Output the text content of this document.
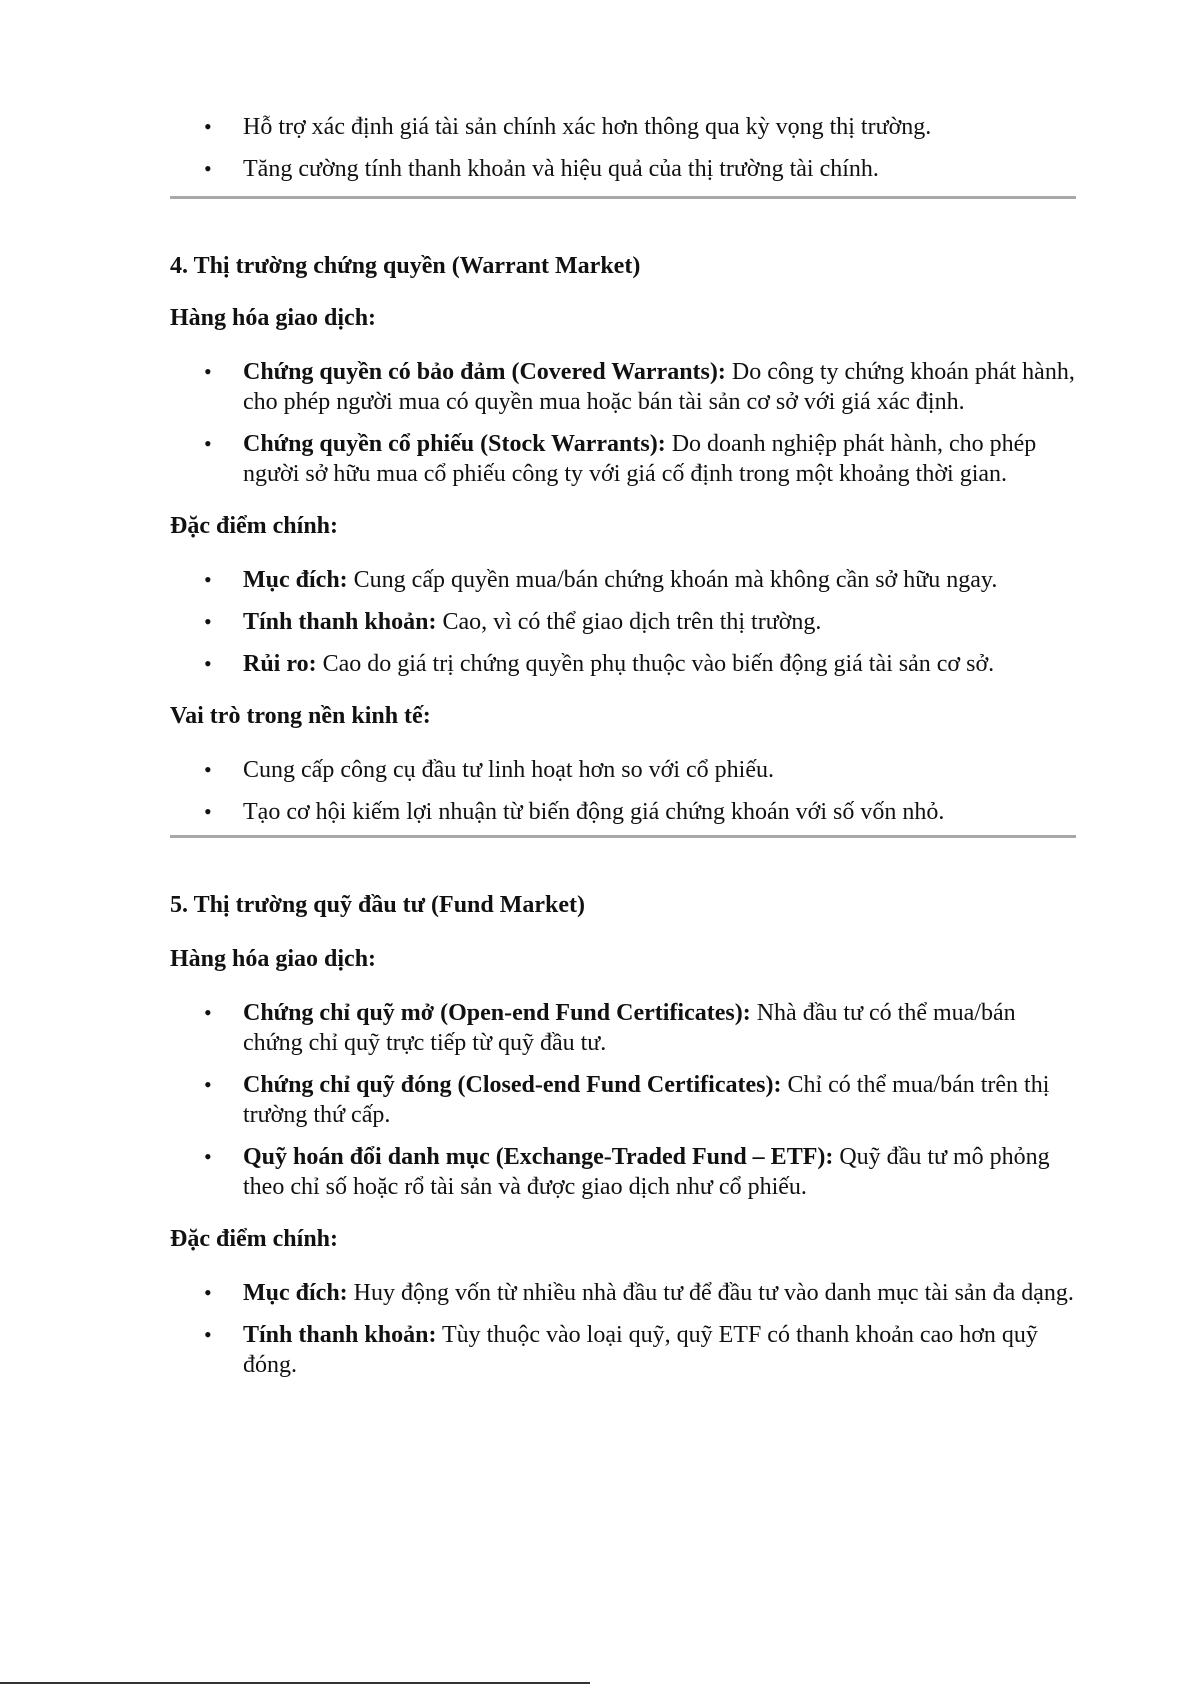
• Hỗ trợ xác định giá tài sản chính xác hơn thông qua kỳ vọng thị trường.
• Tăng cường tính thanh khoản và hiệu quả của thị trường tài chính.
4. Thị trường chứng quyền (Warrant Market)
Hàng hóa giao dịch:
• Chứng quyền có bảo đảm (Covered Warrants): Do công ty chứng khoán phát hành, cho phép người mua có quyền mua hoặc bán tài sản cơ sở với giá xác định.
• Chứng quyền cổ phiếu (Stock Warrants): Do doanh nghiệp phát hành, cho phép người sở hữu mua cổ phiếu công ty với giá cố định trong một khoảng thời gian.
Đặc điểm chính:
• Mục đích: Cung cấp quyền mua/bán chứng khoán mà không cần sở hữu ngay.
• Tính thanh khoản: Cao, vì có thể giao dịch trên thị trường.
• Rủi ro: Cao do giá trị chứng quyền phụ thuộc vào biến động giá tài sản cơ sở.
Vai trò trong nền kinh tế:
• Cung cấp công cụ đầu tư linh hoạt hơn so với cổ phiếu.
• Tạo cơ hội kiếm lợi nhuận từ biến động giá chứng khoán với số vốn nhỏ.
5. Thị trường quỹ đầu tư (Fund Market)
Hàng hóa giao dịch:
• Chứng chỉ quỹ mở (Open-end Fund Certificates): Nhà đầu tư có thể mua/bán chứng chỉ quỹ trực tiếp từ quỹ đầu tư.
• Chứng chỉ quỹ đóng (Closed-end Fund Certificates): Chỉ có thể mua/bán trên thị trường thứ cấp.
• Quỹ hoán đổi danh mục (Exchange-Traded Fund – ETF): Quỹ đầu tư mô phỏng theo chỉ số hoặc rổ tài sản và được giao dịch như cổ phiếu.
Đặc điểm chính:
• Mục đích: Huy động vốn từ nhiều nhà đầu tư để đầu tư vào danh mục tài sản đa dạng.
• Tính thanh khoản: Tùy thuộc vào loại quỹ, quỹ ETF có thanh khoản cao hơn quỹ đóng.
